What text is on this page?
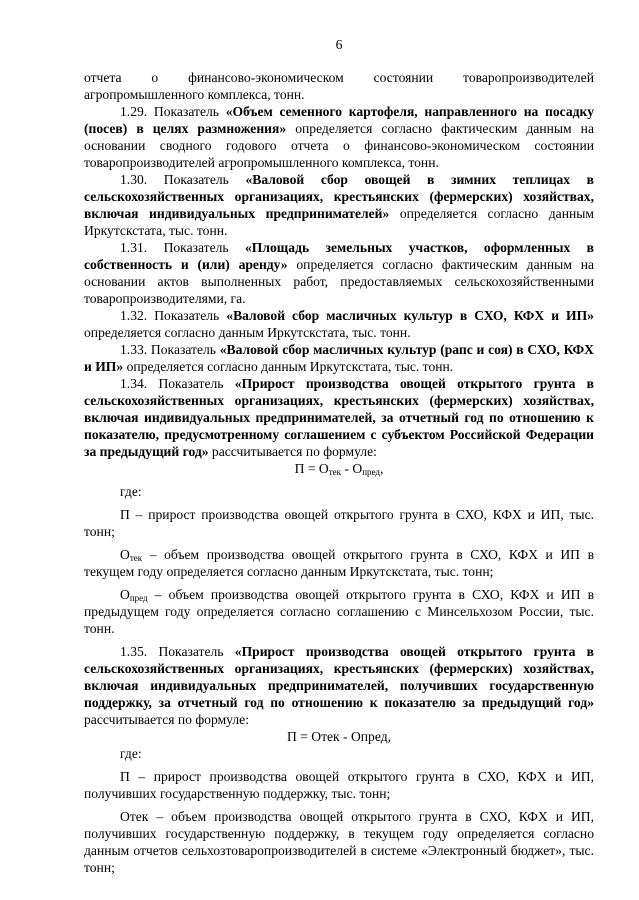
6

отчета о финансово-экономическом состоянии товаропроизводителей агропромышленного комплекса, тонн.

1.29. Показатель «Объем семенного картофеля, направленного на посадку (посев) в целях размножения» определяется согласно фактическим данным на основании сводного годового отчета о финансово-экономическом состоянии товаропроизводителей агропромышленного комплекса, тонн.

1.30. Показатель «Валовой сбор овощей в зимних теплицах в сельскохозяйственных организациях, крестьянских (фермерских) хозяйствах, включая индивидуальных предпринимателей» определяется согласно данным Иркутскстата, тыс. тонн.

1.31. Показатель «Площадь земельных участков, оформленных в собственность и (или) аренду» определяется согласно фактическим данным на основании актов выполненных работ, предоставляемых сельскохозяйственными товаропроизводителями, га.

1.32. Показатель «Валовой сбор масличных культур в СХО, КФХ и ИП» определяется согласно данным Иркутскстата, тыс. тонн.

1.33. Показатель «Валовой сбор масличных культур (рапс и соя) в СХО, КФХ и ИП» определяется согласно данным Иркутскстата, тыс. тонн.

1.34. Показатель «Прирост производства овощей открытого грунта в сельскохозяйственных организациях, крестьянских (фермерских) хозяйствах, включая индивидуальных предпринимателей, за отчетный год по отношению к показателю, предусмотренному соглашением с субъектом Российской Федерации за предыдущий год» рассчитывается по формуле:

$П = О_{тек} - О_{пред}$,

где:

П – прирост производства овощей открытого грунта в СХО, КФХ и ИП, тыс. тонн;

$О_{тек}$ – объем производства овощей открытого грунта в СХО, КФХ и ИП в текущем году определяется согласно данным Иркутскстата, тыс. тонн;

$О_{пред}$ – объем производства овощей открытого грунта в СХО, КФХ и ИП в предыдущем году определяется согласно соглашению с Минсельхозом России, тыс. тонн.

1.35. Показатель «Прирост производства овощей открытого грунта в сельскохозяйственных организациях, крестьянских (фермерских) хозяйствах, включая индивидуальных предпринимателей, получивших государственную поддержку, за отчетный год по отношению к показателю за предыдущий год» рассчитывается по формуле:

П = Отек - Опред,

где:

П – прирост производства овощей открытого грунта в СХО, КФХ и ИП, получивших государственную поддержку, тыс. тонн;

Отек – объем производства овощей открытого грунта в СХО, КФХ и ИП, получивших государственную поддержку, в текущем году определяется согласно данным отчетов сельхозтоваропроизводителей в системе «Электронный бюджет», тыс. тонн;
